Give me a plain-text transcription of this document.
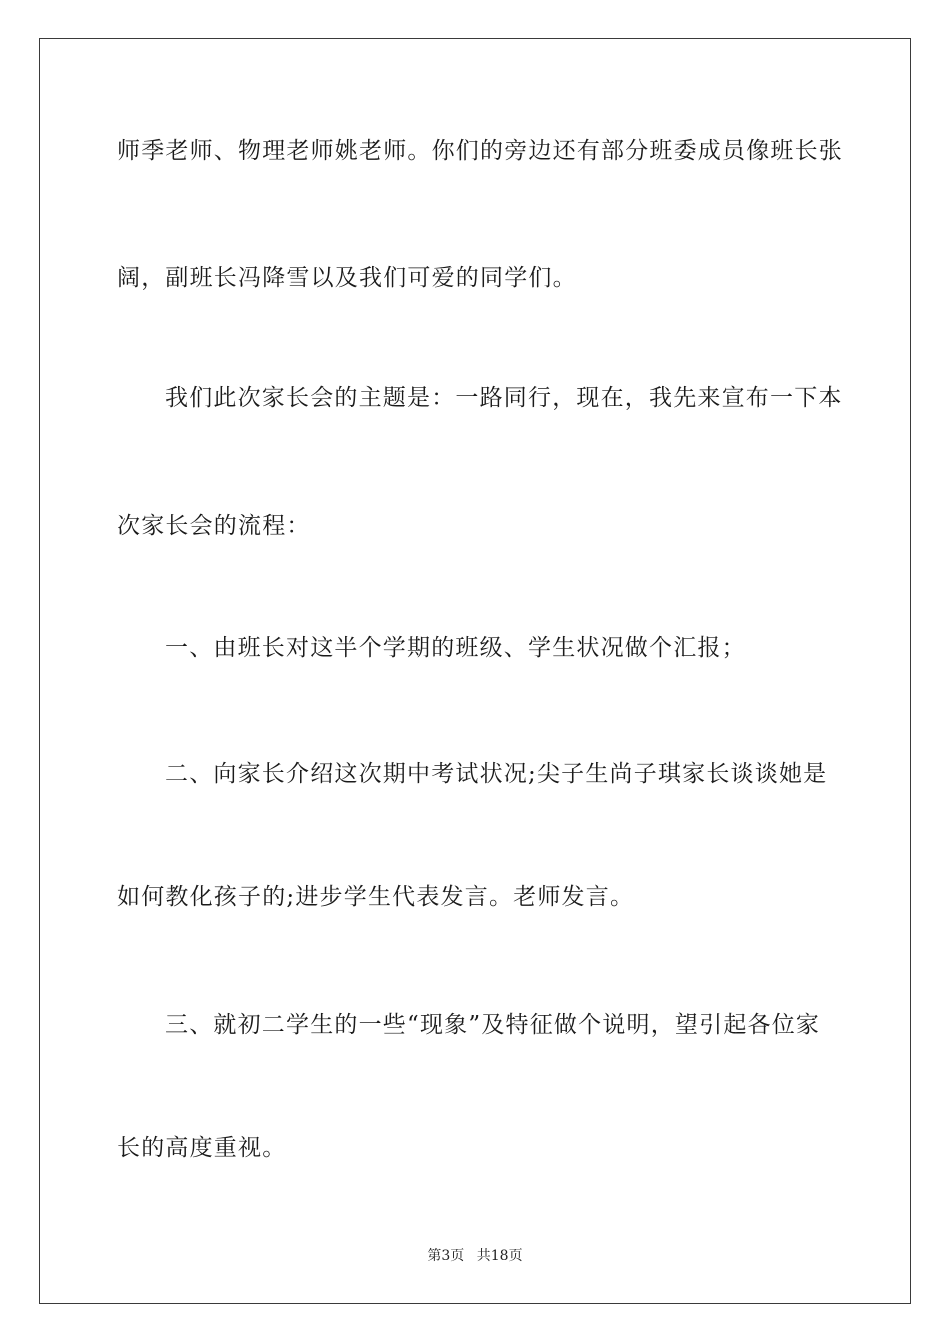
师季老师、物理老师姚老师。你们的旁边还有部分班委成员像班长张
阔，副班长冯降雪以及我们可爱的同学们。
我们此次家长会的主题是：一路同行，现在，我先来宣布一下本
次家长会的流程：
一、由班长对这半个学期的班级、学生状况做个汇报；
二、向家长介绍这次期中考试状况;尖子生尚子琪家长谈谈她是
如何教化孩子的;进步学生代表发言。老师发言。
三、就初二学生的一些“现象”及特征做个说明，望引起各位家
长的高度重视。
第3页 共18页
